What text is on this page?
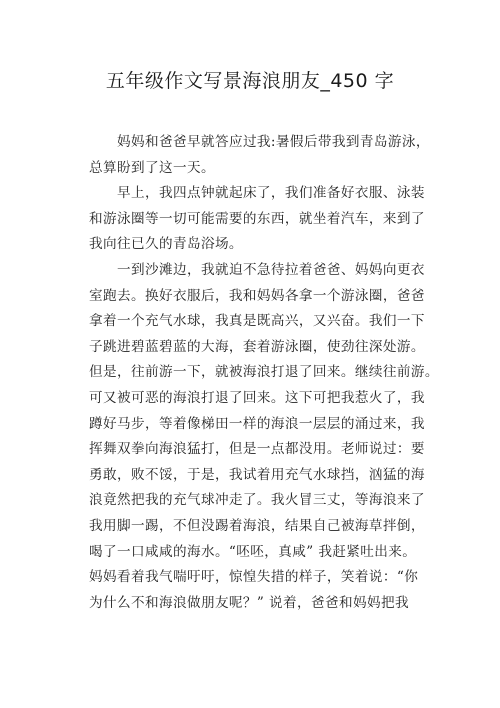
五年级作文写景海浪朋友_450 字
妈妈和爸爸早就答应过我:暑假后带我到青岛游泳，
总算盼到了这一天。
早上，我四点钟就起床了，我们准备好衣服、泳装
和游泳圈等一切可能需要的东西，就坐着汽车，来到了
我向往已久的青岛浴场。
一到沙滩边，我就迫不急待拉着爸爸、妈妈向更衣
室跑去。换好衣服后，我和妈妈各拿一个游泳圈，爸爸
拿着一个充气水球，我真是既高兴，又兴奋。我们一下
子跳进碧蓝碧蓝的大海，套着游泳圈，使劲往深处游。
但是，往前游一下，就被海浪打退了回来。继续往前游。
可又被可恶的海浪打退了回来。这下可把我惹火了，我
蹲好马步，等着像梯田一样的海浪一层层的涌过来，我
挥舞双拳向海浪猛打，但是一点都没用。老师说过：要
勇敢，败不馁，于是，我试着用充气水球挡，汹猛的海
浪竟然把我的充气球冲走了。我火冒三丈，等海浪来了
我用脚一踢，不但没踢着海浪，结果自己被海草拌倒，
喝了一口咸咸的海水。“呸呸，真咸” 我赶紧吐出来。
妈妈看着我气喘吁吁，惊惶失措的样子，笑着说：“你
为什么不和海浪做朋友呢？” 说着，爸爸和妈妈把我
